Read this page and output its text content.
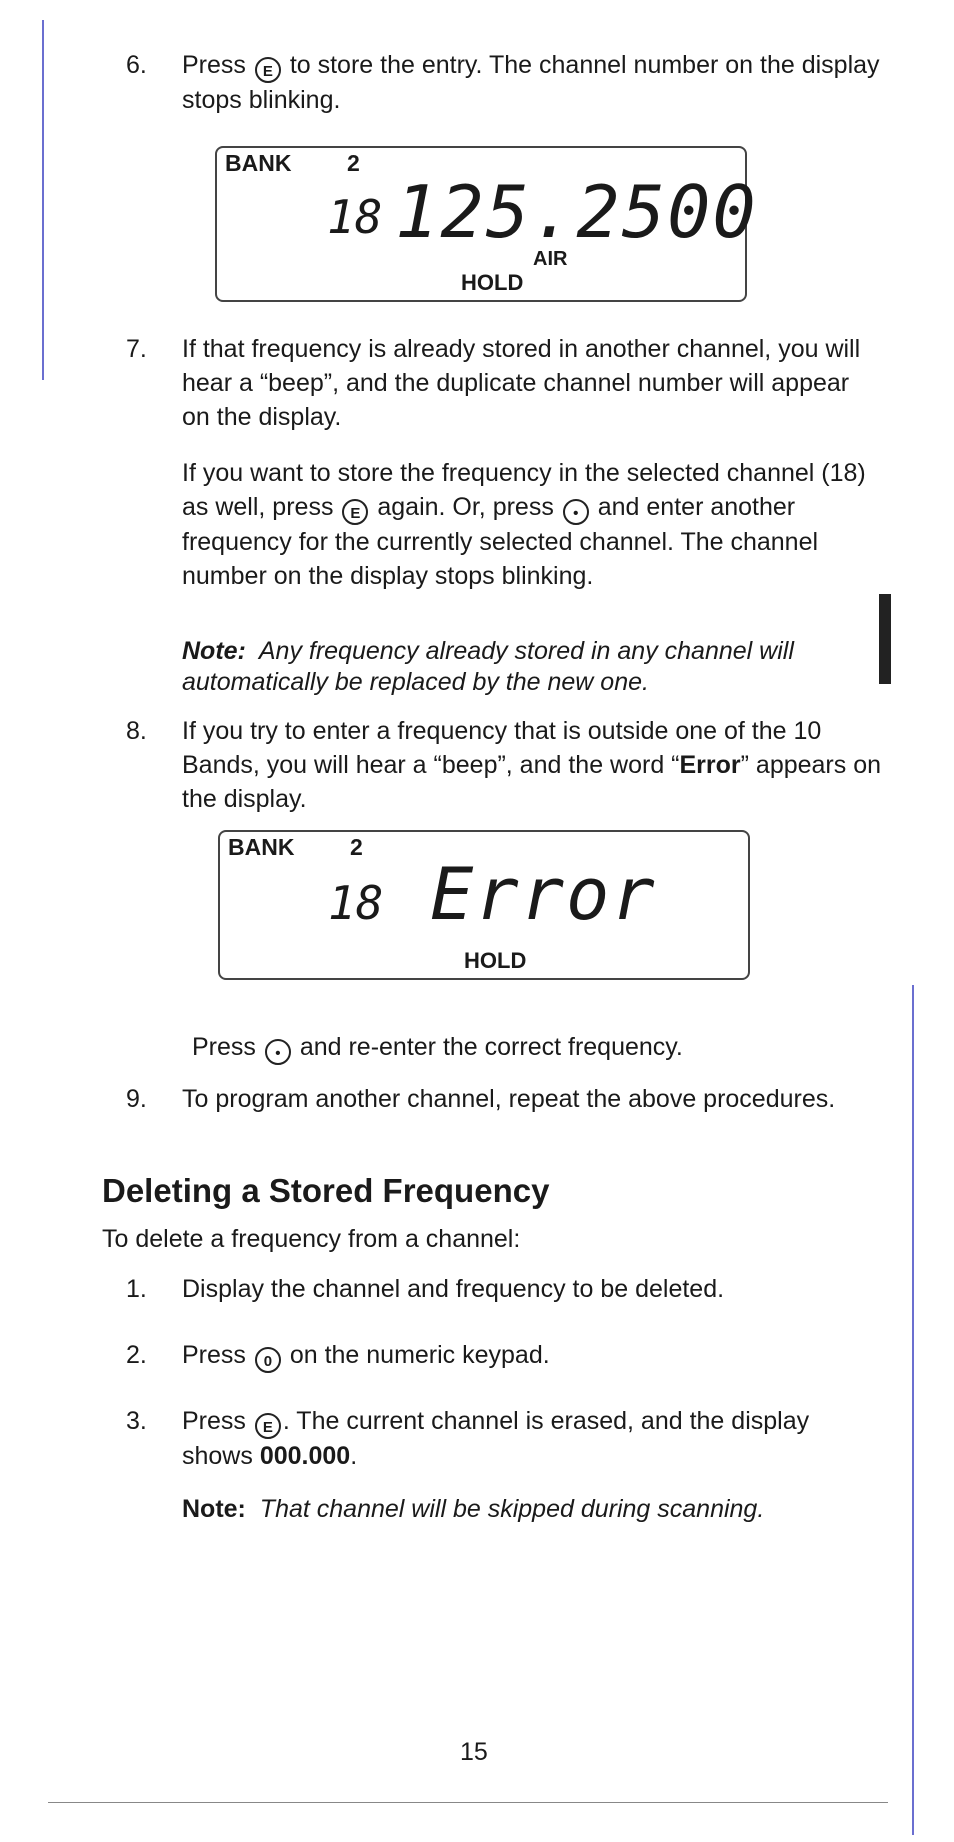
6. Press E to store the entry. The channel number on the display stops blinking.
BANK 2
18 125.2500
AIR
HOLD
7. If that frequency is already stored in another channel, you will hear a “beep”, and the duplicate channel number will appear on the display.
If you want to store the frequency in the selected channel (18) as well, press E again. Or, press • and enter another frequency for the currently selected channel. The channel number on the display stops blinking.
Note: Any frequency already stored in any channel will automatically be replaced by the new one.
8. If you try to enter a frequency that is outside one of the 10 Bands, you will hear a “beep”, and the word “Error” appears on the display.
BANK 2
18 Error
HOLD
Press • and re-enter the correct frequency.
9. To program another channel, repeat the above procedures.
Deleting a Stored Frequency
To delete a frequency from a channel:
1. Display the channel and frequency to be deleted.
2. Press 0 on the numeric keypad.
3. Press E . The current channel is erased, and the display shows 000.000.
Note: That channel will be skipped during scanning.
15
